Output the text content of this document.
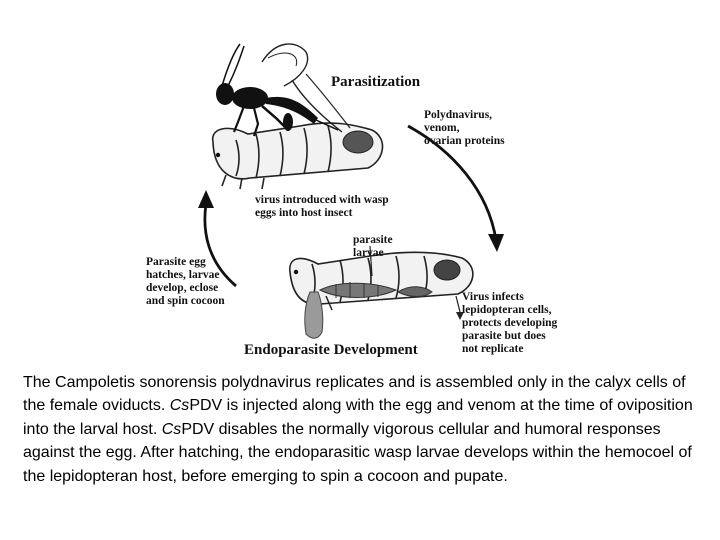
Parasitization
Endoparasite Development
Polydnavirus,
venom,
ovarian proteins
virus introduced with wasp
eggs into host insect
parasite
larvae
Parasite egg
hatches, larvae
develop, eclose
and spin cocoon	Virus infects
lepidopteran cells,
protects developing
parasite but does
not replicate
The Campoletis sonorensis polydnavirus replicates and is assembled only in the calyx cells of the female oviducts. CsPDV is injected along with the egg and venom at the time of oviposition into the larval host. CsPDV disables the normally vigorous cellular and humoral responses against the egg. After hatching, the endoparasitic wasp larvae develops within the hemocoel of the lepidopteran host, before emerging to spin a cocoon and pupate.
